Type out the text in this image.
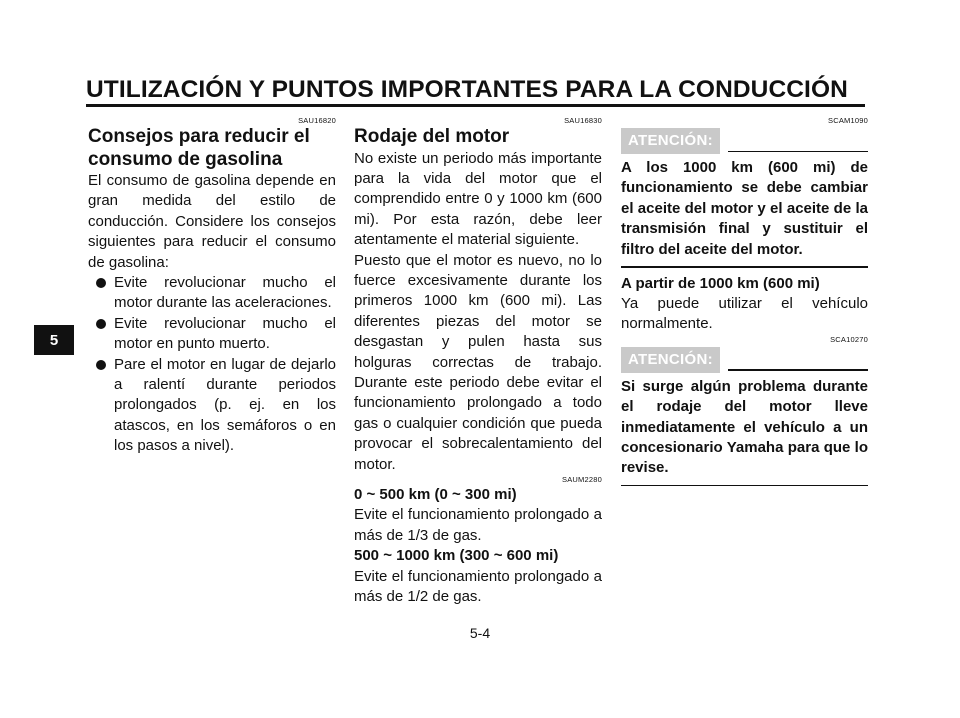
UTILIZACIÓN Y PUNTOS IMPORTANTES PARA LA CONDUCCIÓN
5
SAU16820
Consejos para reducir el consumo de gasolina
El consumo de gasolina depende en gran medida del estilo de conducción. Considere los consejos siguientes para reducir el consumo de gasolina:
Evite revolucionar mucho el motor durante las aceleraciones.
Evite revolucionar mucho el motor en punto muerto.
Pare el motor en lugar de dejarlo a ralentí durante periodos prolongados (p. ej. en los atascos, en los semáforos o en los pasos a nivel).
SAU16830
Rodaje del motor
No existe un periodo más importante para la vida del motor que el comprendido entre 0 y 1000 km (600 mi). Por esta razón, debe leer atentamente el material siguiente.
Puesto que el motor es nuevo, no lo fuerce excesivamente durante los primeros 1000 km (600 mi). Las diferentes piezas del motor se desgastan y pulen hasta sus holguras correctas de trabajo. Durante este periodo debe evitar el funcionamiento prolongado a todo gas o cualquier condición que pueda provocar el sobrecalentamiento del motor.
SAUM2280
0 ~ 500 km (0 ~ 300 mi)
Evite el funcionamiento prolongado a más de 1/3 de gas.
500 ~ 1000 km (300 ~ 600 mi)
Evite el funcionamiento prolongado a más de 1/2 de gas.
SCAM1090
ATENCIÓN:
A los 1000 km (600 mi) de funcionamiento se debe cambiar el aceite del motor y el aceite de la transmisión final y sustituir el filtro del aceite del motor.
A partir de 1000 km (600 mi)
Ya puede utilizar el vehículo normalmente.
SCA10270
ATENCIÓN:
Si surge algún problema durante el rodaje del motor lleve inmediatamente el vehículo a un concesionario Yamaha para que lo revise.
5-4
